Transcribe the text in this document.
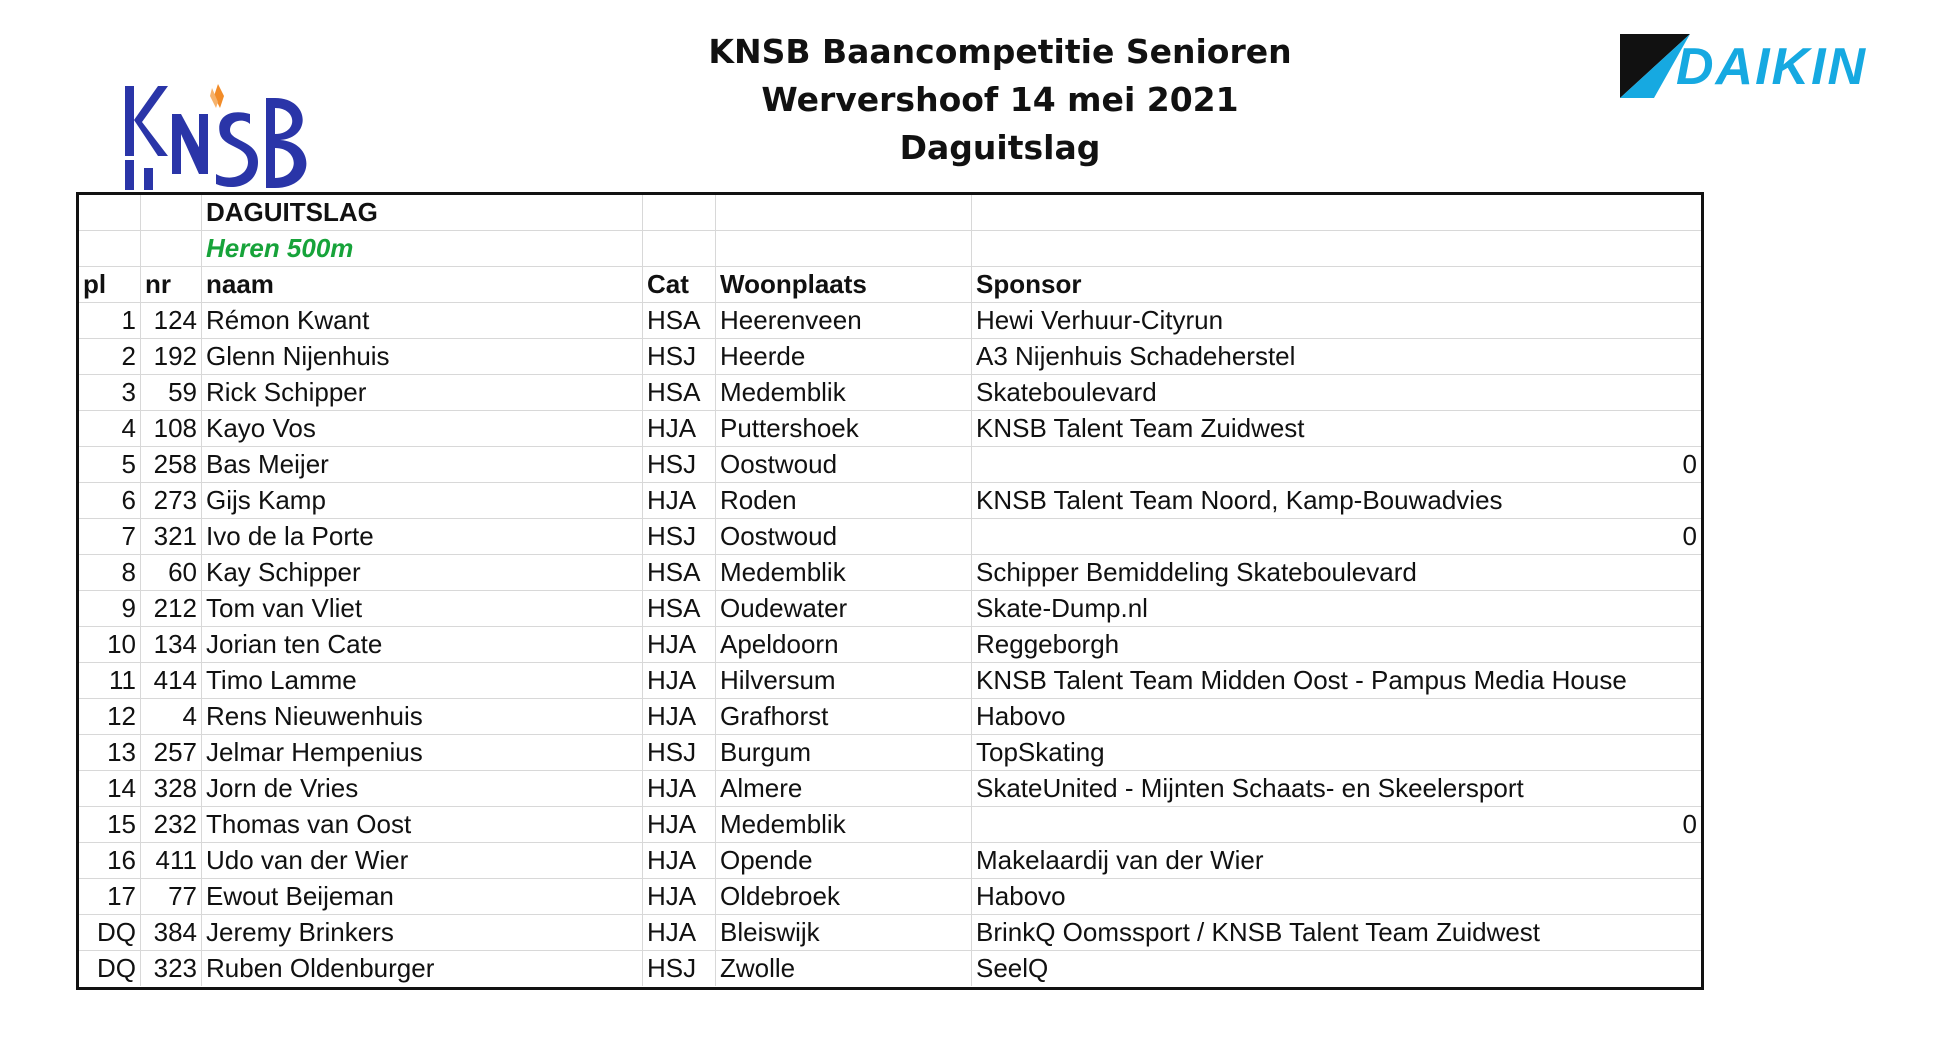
KNSB Baancompetitie Senioren
Wervershoof 14 mei 2021
Daguitslag
DAIKIN
DAGUITSLAG
Heren 500m
pl	nr	naam	Cat	Woonplaats	Sponsor
1 124 Rémon Kwant	HSA Heerenveen	Hewi Verhuur-Cityrun
2 192 Glenn Nijenhuis	HSJ Heerde	A3 Nijenhuis Schadeherstel
3	59 Rick Schipper	HSA Medemblik	Skateboulevard
4 108 Kayo Vos	HJA Puttershoek	KNSB Talent Team Zuidwest
5 258 Bas Meijer	HSJ Oostwoud	0
6 273 Gijs Kamp	HJA Roden	KNSB Talent Team Noord, Kamp-Bouwadvies
7 321 Ivo de la Porte	HSJ Oostwoud	0
8	60 Kay Schipper	HSA Medemblik	Schipper Bemiddeling Skateboulevard
9 212 Tom van Vliet	HSA Oudewater	Skate-Dump.nl
10 134 Jorian ten Cate	HJA Apeldoorn	Reggeborgh
11 414 Timo Lamme	HJA Hilversum	KNSB Talent Team Midden Oost - Pampus Media House
12	4 Rens Nieuwenhuis	HJA Grafhorst	Habovo
13 257 Jelmar Hempenius	HSJ Burgum	TopSkating
14 328 Jorn de Vries	HJA Almere	SkateUnited - Mijnten Schaats- en Skeelersport
15 232 Thomas van Oost	HJA Medemblik	0
16 411 Udo van der Wier	HJA Opende	Makelaardij van der Wier
17	77 Ewout Beijeman	HJA Oldebroek	Habovo
DQ 384 Jeremy Brinkers	HJA Bleiswijk	BrinkQ Oomssport / KNSB Talent Team Zuidwest
DQ 323 Ruben Oldenburger	HSJ Zwolle	SeelQ
